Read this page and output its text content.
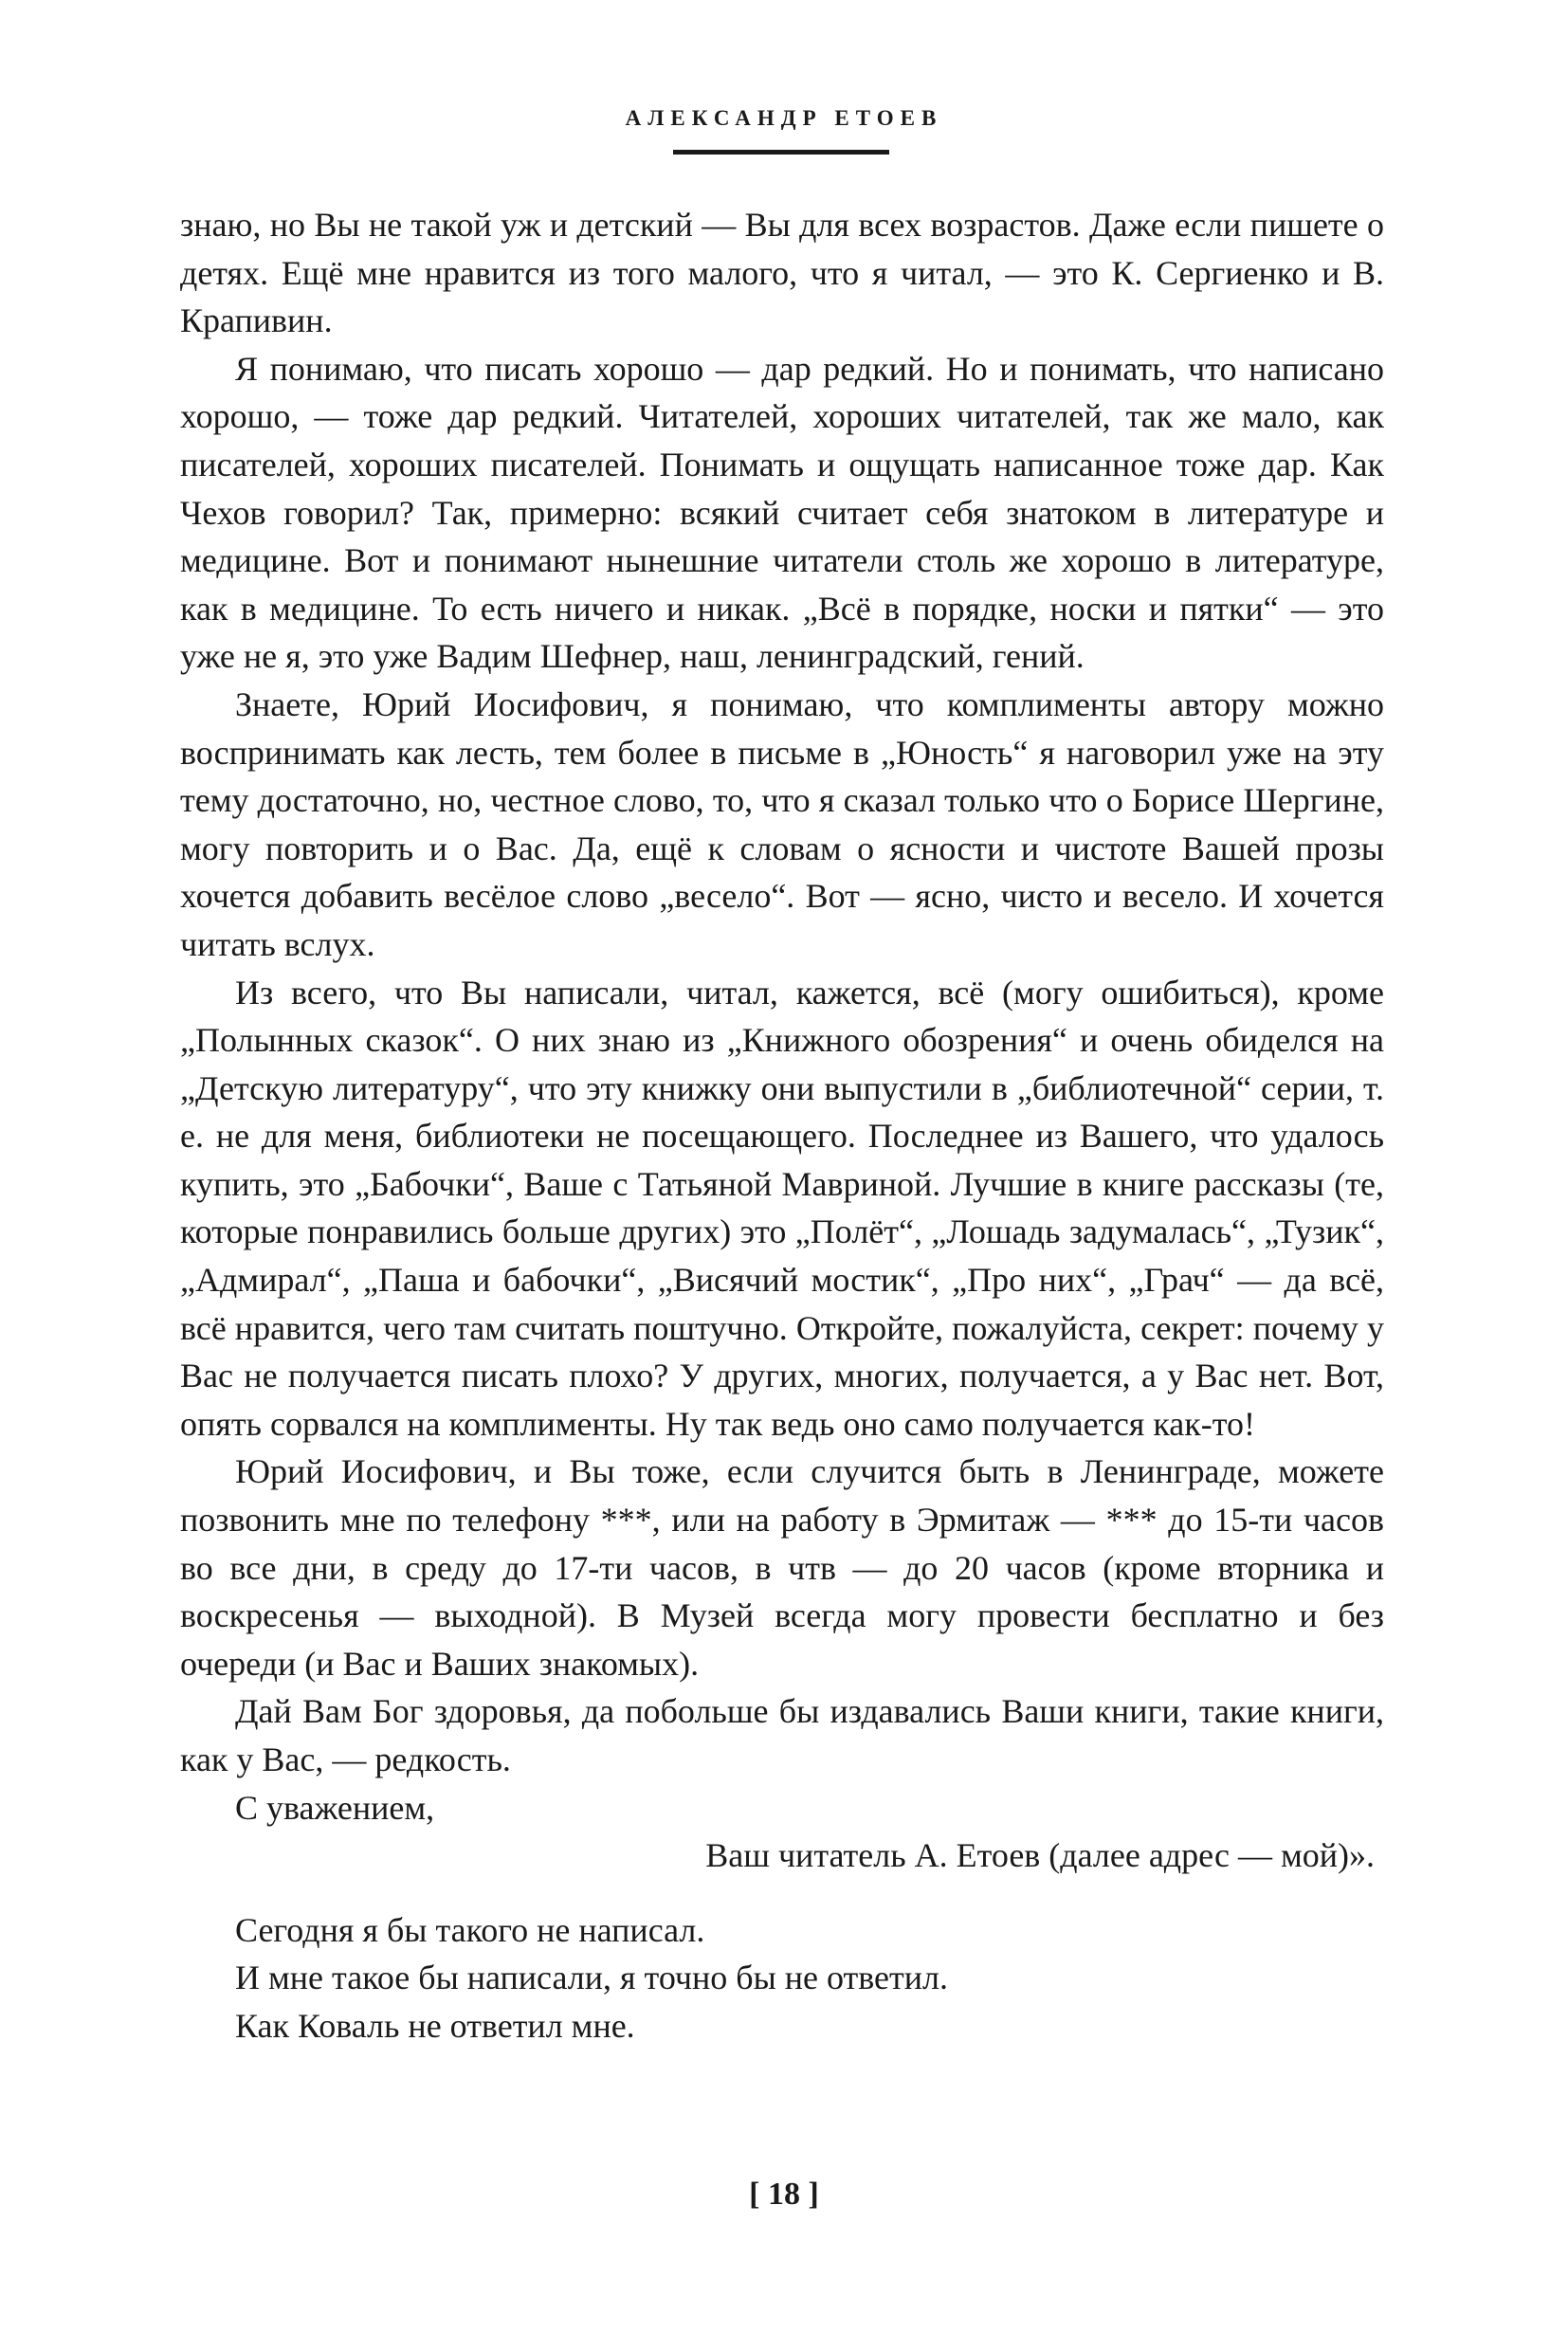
АЛЕКСАНДР ЕТОЕВ

знаю, но Вы не такой уж и детский — Вы для всех возрастов. Даже если пишете о детях. Ещё мне нравится из того малого, что я читал, — это К. Сергиенко и В. Крапивин.

Я понимаю, что писать хорошо — дар редкий. Но и понимать, что написано хорошо, — тоже дар редкий. Читателей, хороших читателей, так же мало, как писателей, хороших писателей. Понимать и ощущать написанное тоже дар. Как Чехов говорил? Так, примерно: всякий считает себя знатоком в литературе и медицине. Вот и понимают нынешние читатели столь же хорошо в литературе, как в медицине. То есть ничего и никак. „Всё в порядке, носки и пятки“ — это уже не я, это уже Вадим Шефнер, наш, ленинградский, гений.

Знаете, Юрий Иосифович, я понимаю, что комплименты автору можно воспринимать как лесть, тем более в письме в „Юность“ я наговорил уже на эту тему достаточно, но, честное слово, то, что я сказал только что о Борисе Шергине, могу повторить и о Вас. Да, ещё к словам о ясности и чистоте Вашей прозы хочется добавить весёлое слово „весело“. Вот — ясно, чисто и весело. И хочется читать вслух.

Из всего, что Вы написали, читал, кажется, всё (могу ошибиться), кроме „Полынных сказок“. О них знаю из „Книжного обозрения“ и очень обиделся на „Детскую литературу“, что эту книжку они выпустили в „библиотечной“ серии, т. е. не для меня, библиотеки не посещающего. Последнее из Вашего, что удалось купить, это „Бабочки“, Ваше с Татьяной Мавриной. Лучшие в книге рассказы (те, которые понравились больше других) это „Полёт“, „Лошадь задумалась“, „Тузик“, „Адмирал“, „Паша и бабочки“, „Висячий мостик“, „Про них“, „Грач“ — да всё, всё нравится, чего там считать поштучно. Откройте, пожалуйста, секрет: почему у Вас не получается писать плохо? У других, многих, получается, а у Вас нет. Вот, опять сорвался на комплименты. Ну так ведь оно само получается как-то!

Юрий Иосифович, и Вы тоже, если случится быть в Ленинграде, можете позвонить мне по телефону ***, или на работу в Эрмитаж — *** до 15-ти часов во все дни, в среду до 17-ти часов, в чтв — до 20 часов (кроме вторника и воскресенья — выходной). В Музей всегда могу провести бесплатно и без очереди (и Вас и Ваших знакомых).

Дай Вам Бог здоровья, да побольше бы издавались Ваши книги, такие книги, как у Вас, — редкость.

С уважением,

Ваш читатель А. Етоев (далее адрес — мой)».

Сегодня я бы такого не написал.

И мне такое бы написали, я точно бы не ответил.

Как Коваль не ответил мне.

[ 18 ]
